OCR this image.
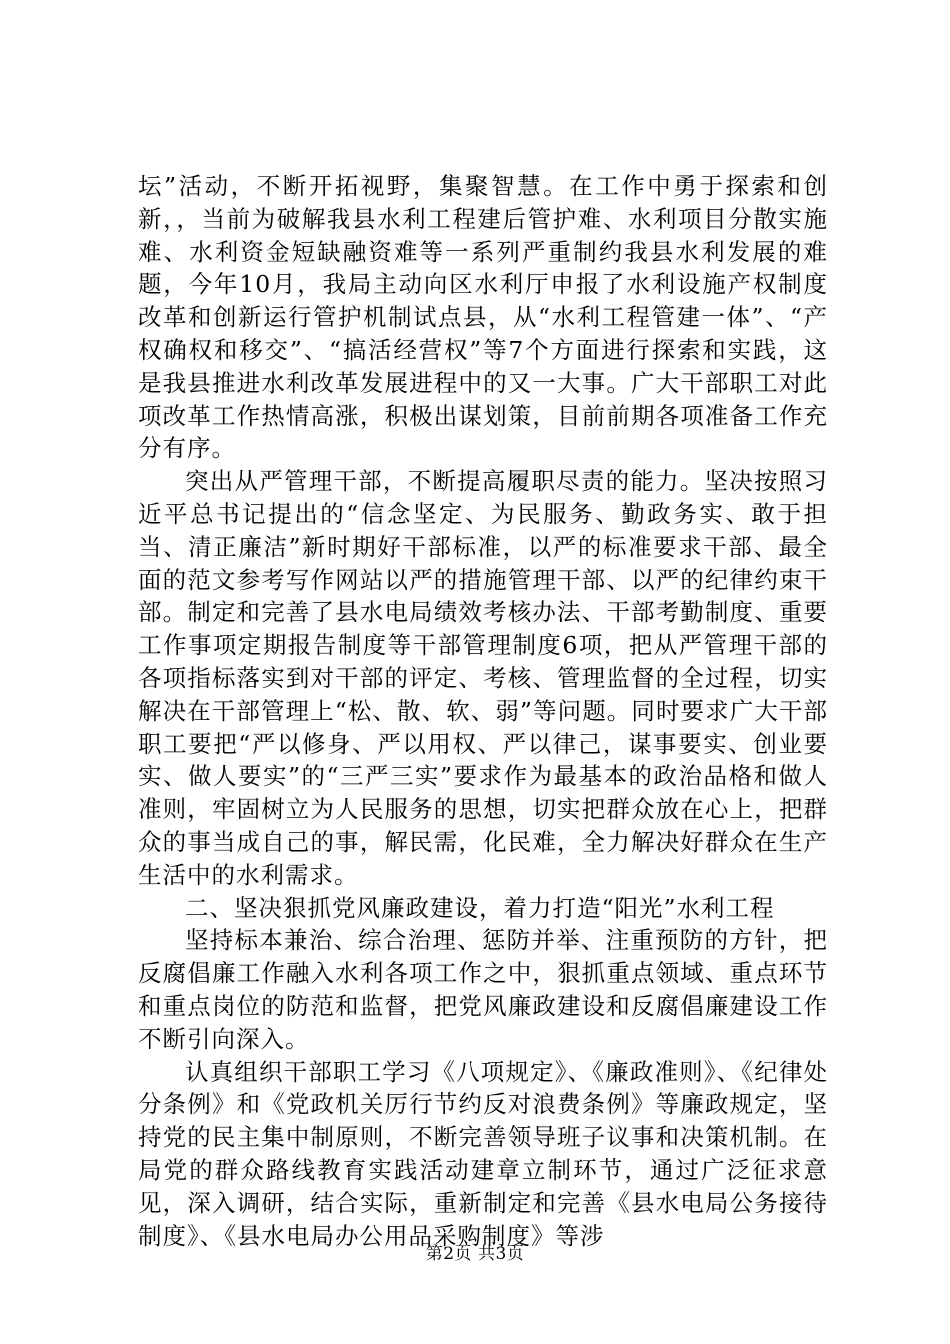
坛”活动，不断开拓视野，集聚智慧。在工作中勇于探索和创新，，当前为破解我县水利工程建后管护难、水利项目分散实施难、水利资金短缺融资难等一系列严重制约我县水利发展的难题，今年10月，我局主动向区水利厅申报了水利设施产权制度改革和创新运行管护机制试点县，从“水利工程管建一体”、“产权确权和移交”、“搞活经营权”等7个方面进行探索和实践，这是我县推进水利改革发展进程中的又一大事。广大干部职工对此项改革工作热情高涨，积极出谋划策，目前前期各项准备工作充分有序。

突出从严管理干部，不断提高履职尽责的能力。坚决按照习近平总书记提出的“信念坚定、为民服务、勤政务实、敢于担当、清正廉洁”新时期好干部标准，以严的标准要求干部、最全面的范文参考写作网站以严的措施管理干部、以严的纪律约束干部。制定和完善了县水电局绩效考核办法、干部考勤制度、重要工作事项定期报告制度等干部管理制度6项，把从严管理干部的各项指标落实到对干部的评定、考核、管理监督的全过程，切实解决在干部管理上“松、散、软、弱”等问题。同时要求广大干部职工要把“严以修身、严以用权、严以律己，谋事要实、创业要实、做人要实”的“三严三实”要求作为最基本的政治品格和做人准则，牢固树立为人民服务的思想，切实把群众放在心上，把群众的事当成自己的事，解民需，化民难，全力解决好群众在生产生活中的水利需求。

二、坚决狠抓党风廉政建设，着力打造“阳光”水利工程

坚持标本兼治、综合治理、惩防并举、注重预防的方针，把反腐倡廉工作融入水利各项工作之中，狠抓重点领域、重点环节和重点岗位的防范和监督，把党风廉政建设和反腐倡廉建设工作不断引向深入。

认真组织干部职工学习《八项规定》、《廉政准则》、《纪律处分条例》和《党政机关厉行节约反对浪费条例》等廉政规定，坚持党的民主集中制原则，不断完善领导班子议事和决策机制。在局党的群众路线教育实践活动建章立制环节，通过广泛征求意见，深入调研，结合实际，重新制定和完善《县水电局公务接待制度》、《县水电局办公用品采购制度》等涉

第2页 共3页
